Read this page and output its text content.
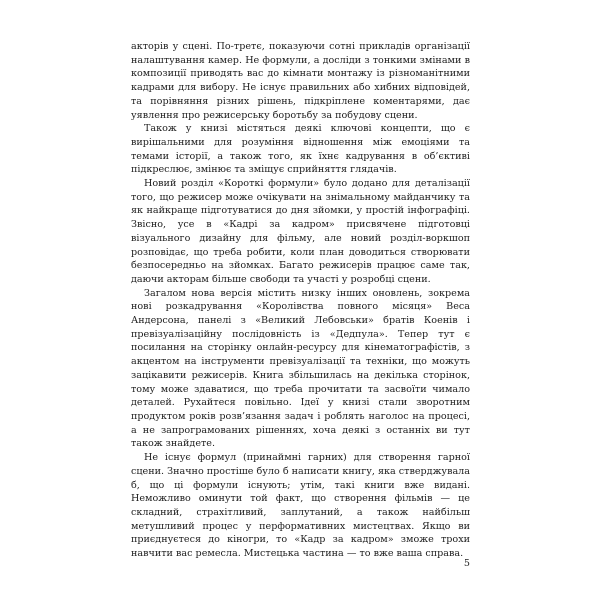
акторів у сцені. По-третє, показуючи сотні прикладів організації налаштування камер. Не формули, а досліди з тонкими змінами в композиції приводять вас до кімнати монтажу із різноманітними кадрами для вибору. Не існує правильних або хибних відповідей, та порівняння різних рішень, підкріплене коментарями, дає уявлення про режисерську боротьбу за побудову сцени.

Також у книзі містяться деякі ключові концепти, що є вирішальними для розуміння відношення між емоціями та темами історії, а також того, як їхнє кадрування в об’єктиві підкреслює, змінює та зміщує сприйняття глядачів.

Новий розділ «Короткі формули» було додано для деталізації того, що режисер може очікувати на знімальному майданчику та як найкраще підготуватися до дня зйомки, у простій інфографіці. Звісно, усе в «Кадрі за кадром» присвячене підготовці візуального дизайну для фільму, але новий розділ-воркшоп розповідає, що треба робити, коли план доводиться створювати безпосередньо на зйомках. Багато режисерів працює саме так, даючи акторам більше свободи та участі у розробці сцени.

Загалом нова версія містить низку інших оновлень, зокрема нові розкадрування «Королівства повного місяця» Веса Андерсона, панелі з «Великий Лебовськи» братів Коенів і превізуалізаційну послідовність із «Дедпула». Тепер тут є посилання на сторінку онлайн-ресурсу для кінематографістів, з акцентом на інструменти превізуалізації та техніки, що можуть зацікавити режисерів. Книга збільшилась на декілька сторінок, тому може здаватися, що треба прочитати та засвоїти чимало деталей. Рухайтеся повільно. Ідеї у книзі стали зворотним продуктом років розв’язання задач і роблять наголос на процесі, а не запрограмованих рішеннях, хоча деякі з останніх ви тут також знайдете.

Не існує формул (принаймні гарних) для створення гарної сцени. Значно простіше було б написати книгу, яка стверджувала б, що ці формули існують; утім, такі книги вже видані. Неможливо оминути той факт, що створення фільмів — це складний, страхітливий, заплутаний, а також найбільш метушливий процес у перформативних мистецтвах. Якщо ви приєднуєтеся до кіногри, то «Кадр за кадром» зможе трохи навчити вас ремесла. Мистецька частина — то вже ваша справа.

5
